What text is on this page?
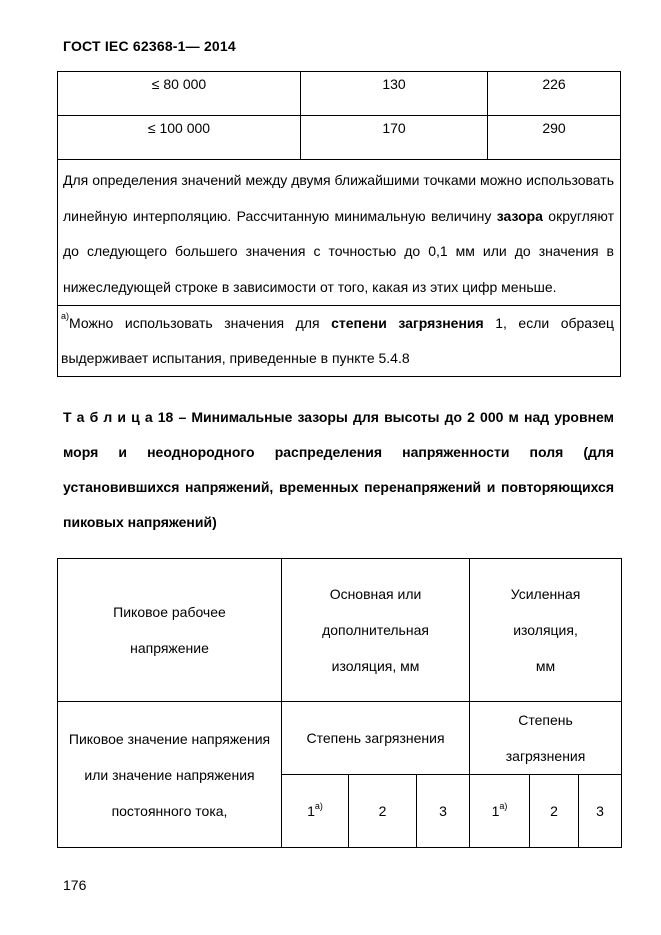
ГОСТ IEC 62368-1— 2014
≤ 80 000	130	226
≤ 100 000	170	290
Для определения значений между двумя ближайшими точками можно использовать линейную интерполяцию. Рассчитанную минимальную величину зазора округляют до следующего большего значения с точностью до 0,1 мм или до значения в нижеследующей строке в зависимости от того, какая из этих цифр меньше.		
$^{a)}$Можно использовать значения для степени загрязнения 1, если образец выдерживает испытания, приведенные в пункте 5.4.8		
Т а б л и ц а 18 – Минимальные зазоры для высоты до 2 000 м над уровнем моря и неоднородного распределения напряженности поля (для установившихся напряжений, временных перенапряжений и повторяющихся пиковых напряжений)
Пиковое рабочее напряжение	Основная или дополнительная изоляция, мм			Усиленная изоляция, мм		
Пиковое значение напряжения или значение напряжения постоянного тока,	Степень загрязнения			Степень загрязнения		
	1$^{a)}$	2	3	1$^{a)}$	2	3
176
